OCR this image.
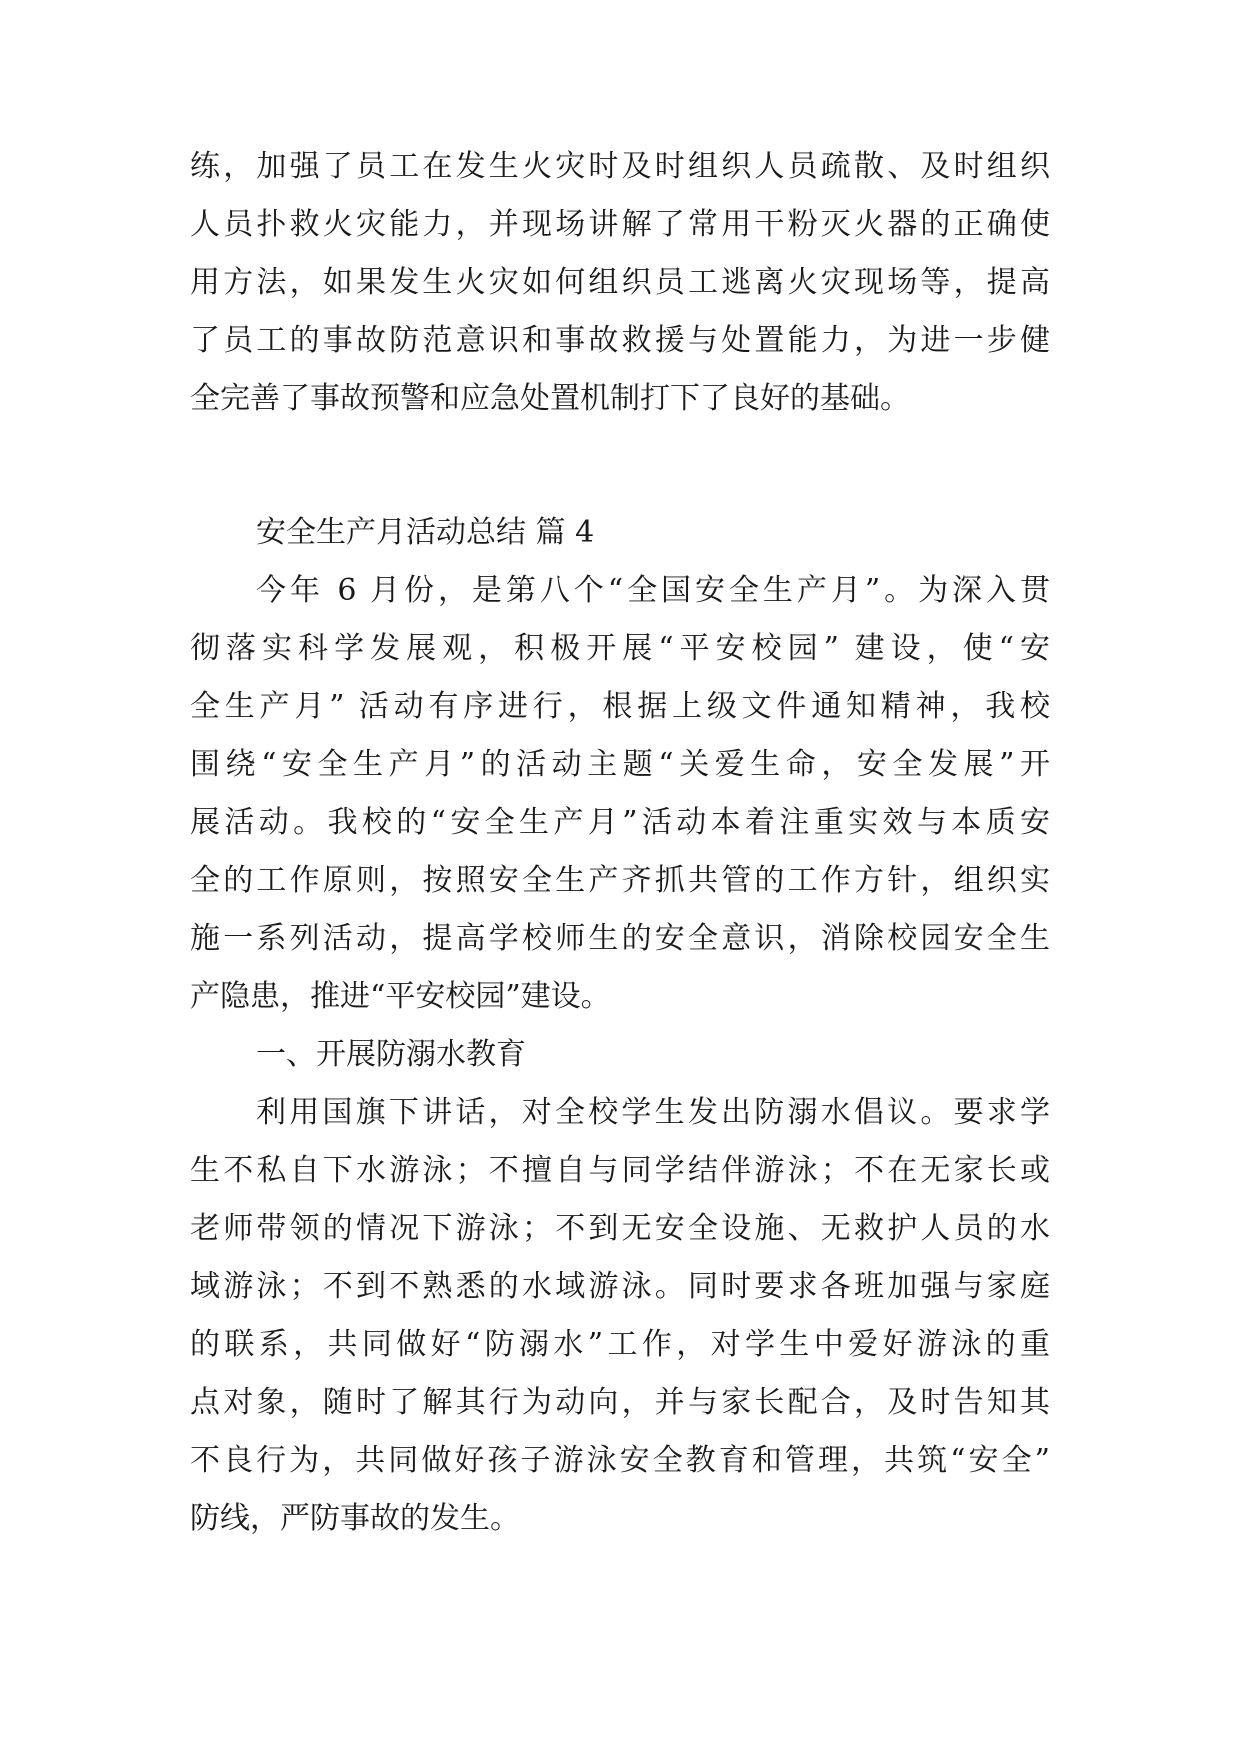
练，加强了员工在发生火灾时及时组织人员疏散、及时组织
人员扑救火灾能力，并现场讲解了常用干粉灭火器的正确使
用方法，如果发生火灾如何组织员工逃离火灾现场等，提高
了员工的事故防范意识和事故救援与处置能力，为进一步健
全完善了事故预警和应急处置机制打下了良好的基础。
安全生产月活动总结 篇 4
今年 6 月份，是第八个“全国安全生产月”。为深入贯
彻落实科学发展观，积极开展“平安校园” 建设，使“安
全生产月” 活动有序进行，根据上级文件通知精神，我校
围绕“安全生产月”的活动主题“关爱生命，安全发展”开
展活动。我校的“安全生产月”活动本着注重实效与本质安
全的工作原则，按照安全生产齐抓共管的工作方针，组织实
施一系列活动，提高学校师生的安全意识，消除校园安全生
产隐患，推进“平安校园”建设。
一、开展防溺水教育
利用国旗下讲话，对全校学生发出防溺水倡议。要求学
生不私自下水游泳；不擅自与同学结伴游泳；不在无家长或
老师带领的情况下游泳；不到无安全设施、无救护人员的水
域游泳；不到不熟悉的水域游泳。同时要求各班加强与家庭
的联系，共同做好“防溺水”工作，对学生中爱好游泳的重
点对象，随时了解其行为动向，并与家长配合，及时告知其
不良行为，共同做好孩子游泳安全教育和管理，共筑“安全”
防线，严防事故的发生。
